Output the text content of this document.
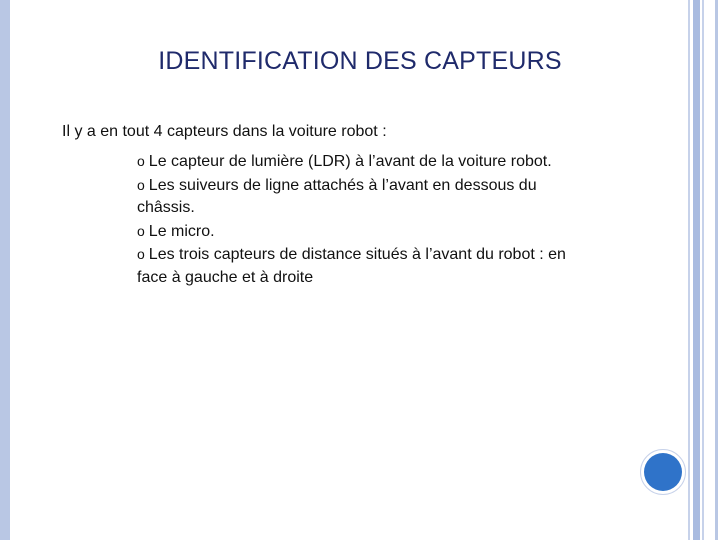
IDENTIFICATION DES CAPTEURS

Il y a en tout 4 capteurs dans la voiture robot :

o Le capteur de lumière (LDR) à l’avant de la voiture robot.

o Les suiveurs de ligne attachés à l’avant en dessous du châssis.

o Le micro.

o Les trois capteurs de distance situés à l’avant du robot : en face à gauche et à droite
